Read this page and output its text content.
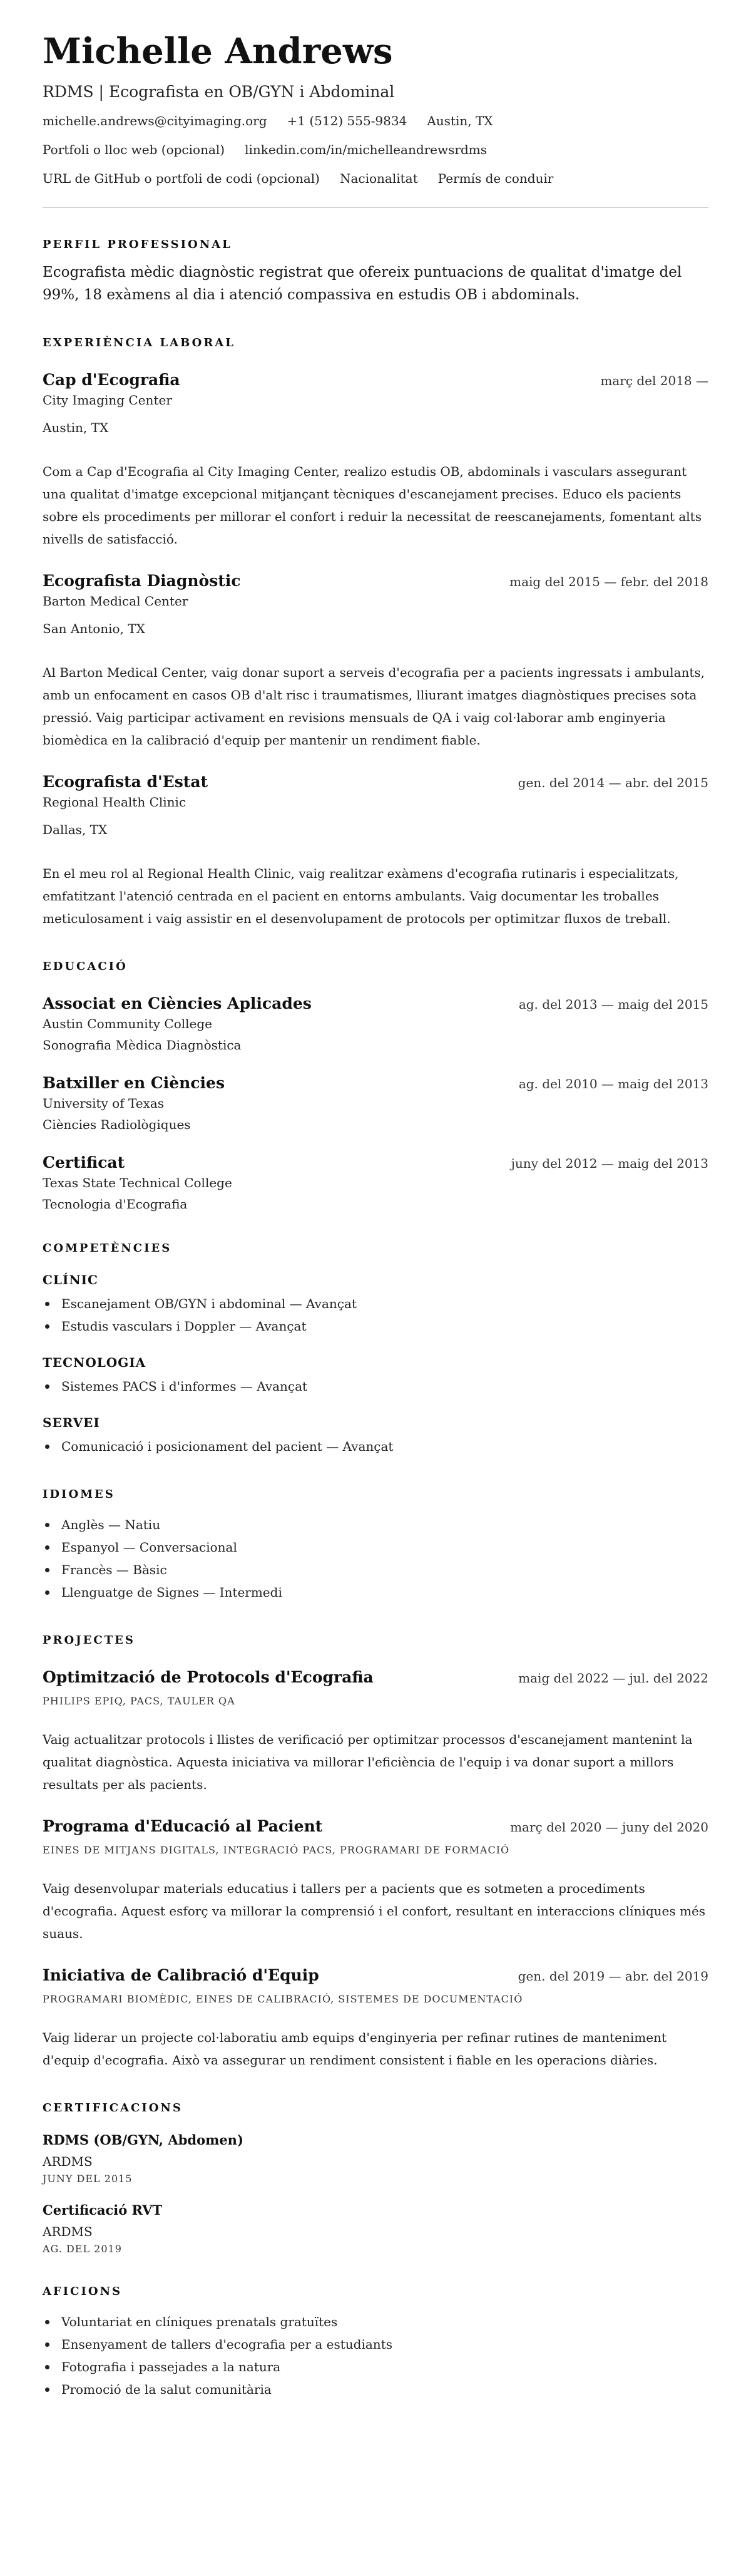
Michelle Andrews
RDMS | Ecografista en OB/GYN i Abdominal
michelle.andrews@cityimaging.org +1 (512) 555-9834 Austin, TX
Portfoli o lloc web (opcional) linkedin.com/in/michelleandrewsrdms
URL de GitHub o portfoli de codi (opcional) Nacionalitat Permís de conduir
PERFIL PROFESSIONAL

Ecografista mèdic diagnòstic registrat que ofereix puntuacions de qualitat d'imatge del 99%, 18 exàmens al dia i atenció compassiva en estudis OB i abdominals.

EXPERIÈNCIA LABORAL
Cap d'Ecografia	març del 2018 —
City Imaging Center
Austin, TX

Com a Cap d'Ecografia al City Imaging Center, realizo estudis OB, abdominals i vasculars assegurant una qualitat d'imatge excepcional mitjançant tècniques d'escanejament precises. Educo els pacients sobre els procediments per millorar el confort i reduir la necessitat de reescanejaments, fomentant alts nivells de satisfacció.

Ecografista Diagnòstic	maig del 2015 — febr. del 2018
Barton Medical Center
San Antonio, TX

Al Barton Medical Center, vaig donar suport a serveis d'ecografia per a pacients ingressats i ambulants, amb un enfocament en casos OB d'alt risc i traumatismes, lliurant imatges diagnòstiques precises sota pressió. Vaig participar activament en revisions mensuals de QA i vaig col·laborar amb enginyeria biomèdica en la calibració d'equip per mantenir un rendiment fiable.

Ecografista d'Estat	gen. del 2014 — abr. del 2015
Regional Health Clinic
Dallas, TX

En el meu rol al Regional Health Clinic, vaig realitzar exàmens d'ecografia rutinaris i especialitzats, emfatitzant l'atenció centrada en el pacient en entorns ambulants. Vaig documentar les troballes meticulosament i vaig assistir en el desenvolupament de protocols per optimitzar fluxos de treball.

EDUCACIÓ
Associat en Ciències Aplicades	ag. del 2013 — maig del 2015
Austin Community College
Sonografia Mèdica Diagnòstica
Batxiller en Ciències	ag. del 2010 — maig del 2013
University of Texas
Ciències Radiològiques
Certificat	juny del 2012 — maig del 2013
Texas State Technical College
Tecnologia d'Ecografia
COMPETÈNCIES
CLÍNIC
Escanejament OB/GYN i abdominal — Avançat
Estudis vasculars i Doppler — Avançat
TECNOLOGIA
Sistemes PACS i d'informes — Avançat
SERVEI
Comunicació i posicionament del pacient — Avançat
IDIOMES
Anglès — Natiu
Espanyol — Conversacional
Francès — Bàsic
Llenguatge de Signes — Intermedi
PROJECTES
Optimització de Protocols d'Ecografia	maig del 2022 — jul. del 2022
PHILIPS EPIQ, PACS, TAULER QA

Vaig actualitzar protocols i llistes de verificació per optimitzar processos d'escanejament mantenint la qualitat diagnòstica. Aquesta iniciativa va millorar l'eficiència de l'equip i va donar suport a millors resultats per als pacients.

Programa d'Educació al Pacient	març del 2020 — juny del 2020
EINES DE MITJANS DIGITALS, INTEGRACIÓ PACS, PROGRAMARI DE FORMACIÓ

Vaig desenvolupar materials educatius i tallers per a pacients que es sotmeten a procediments d'ecografia. Aquest esforç va millorar la comprensió i el confort, resultant en interaccions clíniques més suaus.

Iniciativa de Calibració d'Equip	gen. del 2019 — abr. del 2019
PROGRAMARI BIOMÈDIC, EINES DE CALIBRACIÓ, SISTEMES DE DOCUMENTACIÓ

Vaig liderar un projecte col·laboratiu amb equips d'enginyeria per refinar rutines de manteniment d'equip d'ecografia. Això va assegurar un rendiment consistent i fiable en les operacions diàries.

CERTIFICACIONS
RDMS (OB/GYN, Abdomen)
ARDMS
JUNY DEL 2015
Certificació RVT
ARDMS
AG. DEL 2019
AFICIONS
Voluntariat en clíniques prenatals gratuïtes
Ensenyament de tallers d'ecografia per a estudiants
Fotografia i passejades a la natura
Promoció de la salut comunitària
